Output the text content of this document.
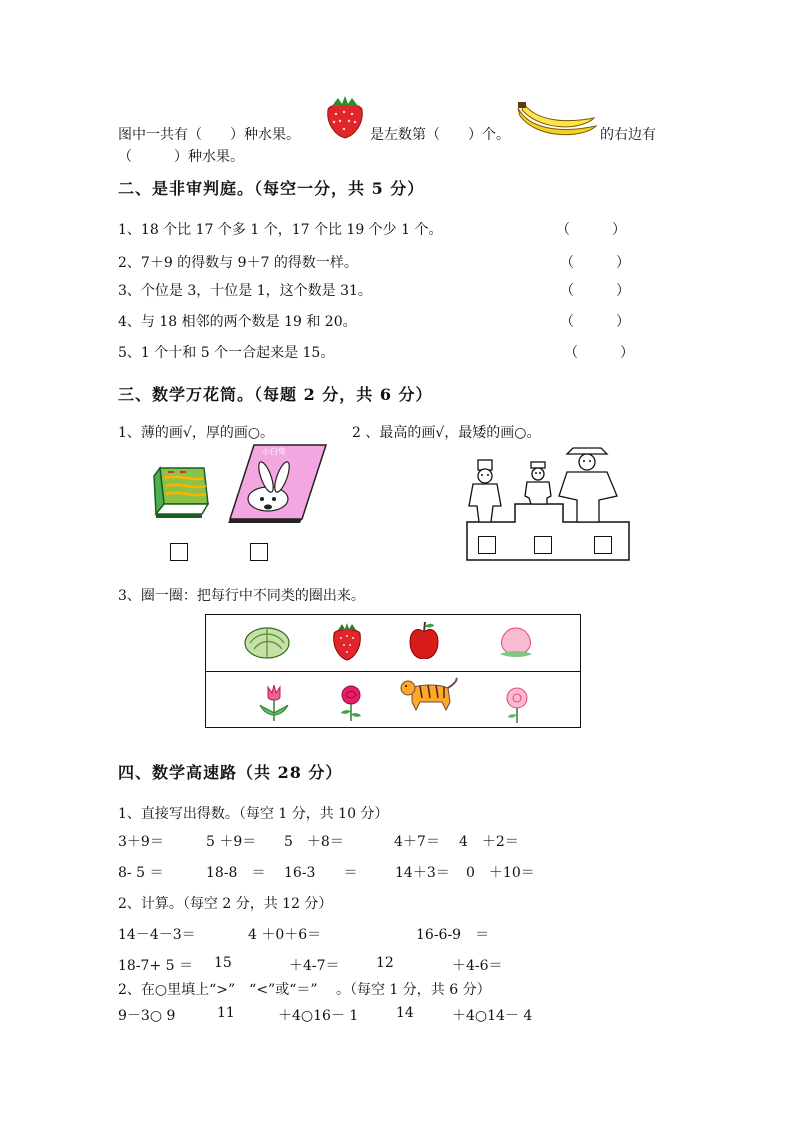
图中一共有（　　）种水果。	是左数第（　　）个。	的右边有
（　　　）种水果。
二、是非审判庭。（每空一分，共 5 分）
1、18 个比 17 个多 1 个，17 个比 19 个少 1 个。	（　　　）
2、7＋9 的得数与 9＋7 的得数一样。	（　　　）
3、个位是 3，十位是 1，这个数是 31。	（　　　）
4、与 18 相邻的两个数是 19 和 20。	（　　　）
5、1 个十和 5 个一合起来是 15。	（　　　）
三、数学万花筒。（每题 2 分，共 6 分）
1、薄的画√，厚的画○。	2 、最高的画√，最矮的画○。
小白兔
3、圈一圈：把每行中不同类的圈出来。
四、数学高速路（共 28 分）
1、直接写出得数。（每空 1 分，共 10 分）
3＋9＝	5 ＋9＝ 5　＋8＝	4＋7＝ 4　＋2＝
8- 5 ＝	18-8　＝ 16-3　　＝	14＋3＝ 0　＋10＝
2、计算。（每空 2 分，共 12 分）
14－4－3＝	4 ＋0＋6＝	16-6-9　＝
18-7+ 5 ＝ 15	＋4-7＝	12	＋4-6＝
2、在○里填上“>”　“<”或“＝”　 。（每空 1 分，共 6 分）
9－3○ 9	11	＋4○16－ 1	14	＋4○14－ 4
